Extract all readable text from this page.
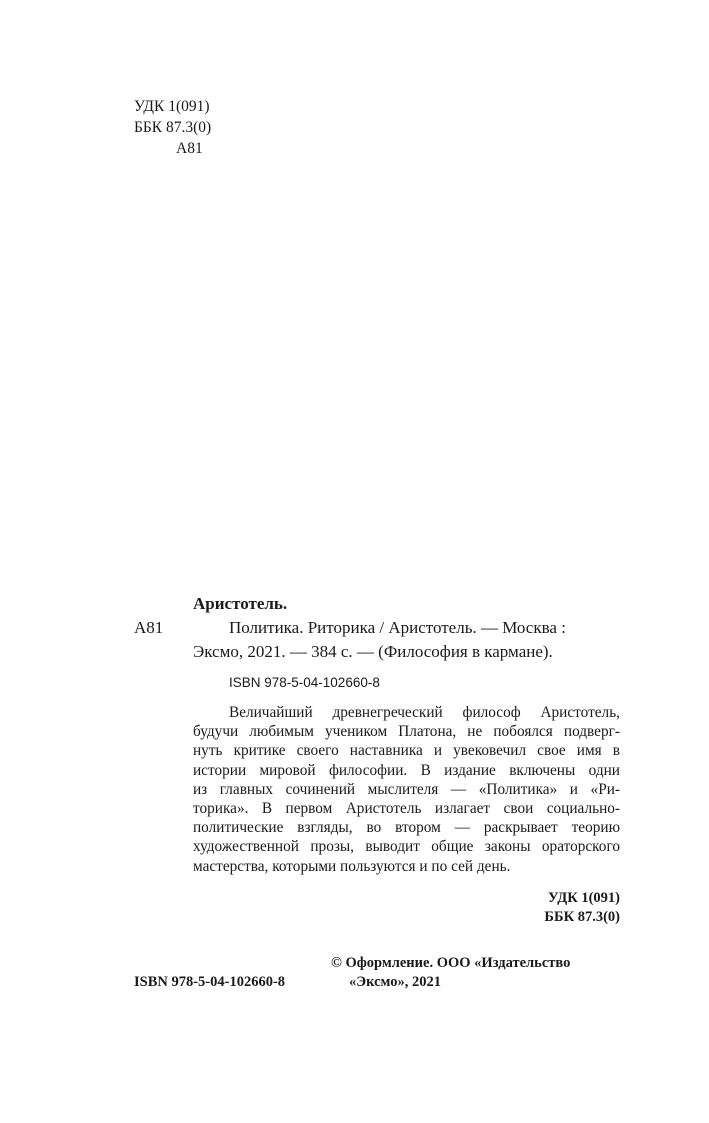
УДК 1(091)
ББК 87.3(0)
А81
Аристотель.
А81	Политика. Риторика / Аристотель. — Москва :
Эксмо, 2021. — 384 с. — (Философия в кармане).
ISBN 978-5-04-102660-8
Величайший древнегреческий философ Аристотель,
будучи любимым учеником Платона, не побоялся подверг-
нуть критике своего наставника и увековечил свое имя в
истории мировой философии. В издание включены одни
из главных сочинений мыслителя — «Политика» и «Ри-
торика». В первом Аристотель излагает свои социально-
политические взгляды, во втором — раскрывает теорию
художественной прозы, выводит общие законы ораторского
мастерства, которыми пользуются и по сей день.
УДК 1(091)
ББК 87.3(0)
ISBN 978-5-04-102660-8
© Оформление. ООО «Издательство
«Эксмо», 2021
